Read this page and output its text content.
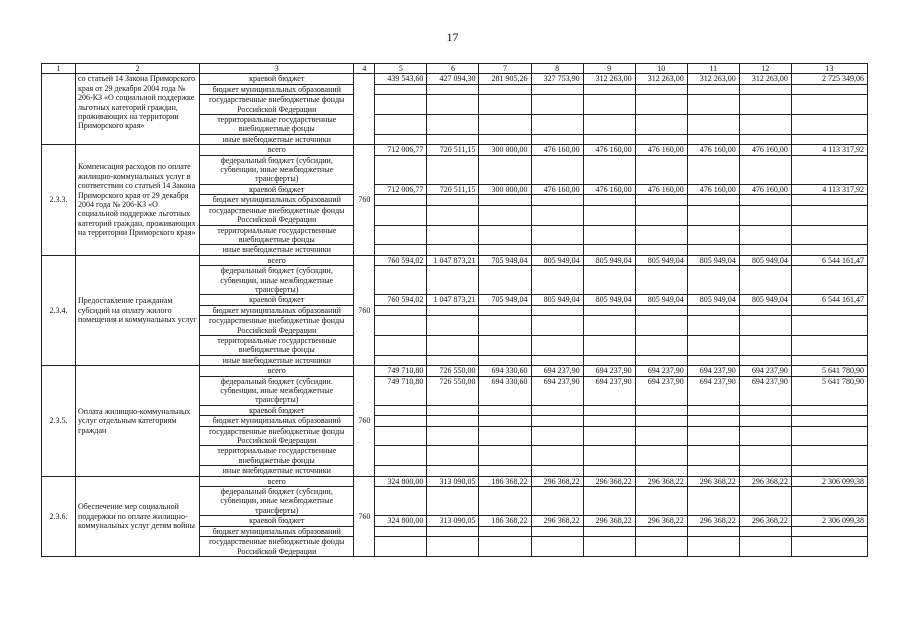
17
1	2	3	4	5	6	7	8	9	10	11	12	13
	со статьей 14 Закона Приморского края от 29 декабря 2004 года № 206-КЗ «О социальной поддержке льготных категорий граждан, проживающих на территории Приморского края»	краевой бюджет		439 543,60	427 094,30	281 905,26	327 753,90	312 263,00	312 263,00	312 263,00	312 263,00	2 725 349,06
		бюджет муниципальных образований										
		государственные внебюджетные фонды Российской Федерации										
		территориальные государственные внебюджетные фонды										
		иные внебюджетные источники										
2.3.3.	Компенсация расходов по оплате жилищно-коммунальных услуг в соответствии со статьей 14 Закона Приморского края от 29 декабря 2004 года № 206-КЗ «О социальной поддержке льготных категорий граждан, проживающих на территории Приморского края»	всего	760	712 006,77	720 511,15	300 000,00	476 160,00	476 160,00	476 160,00	476 160,00	476 160,00	4 113 317,92
		федеральный бюджет (субсидии, субвенции, иные межбюджетные трансферты)										
		краевой бюджет		712 006,77	720 511,15	300 000,00	476 160,00	476 160,00	476 160,00	476 160,00	476 160,00	4 113 317,92
		бюджет муниципальных образований										
		государственные внебюджетные фонды Российской Федерации										
		территориальные государственные внебюджетные фонды										
		иные внебюджетные источники										
2.3.4.	Предоставление гражданам субсидий на оплату жилого помещения и коммунальных услуг	всего	760	760 594,02	1 047 873,21	705 949,04	805 949,04	805 949,04	805 949,04	805 949,04	805 949,04	6 544 161,47
		федеральный бюджет (субсидии, субвенции, иные межбюджетные трансферты)										
		краевой бюджет		760 594,02	1 047 873,21	705 949,04	805 949,04	805 949,04	805 949,04	805 949,04	805 949,04	6 544 161,47
		бюджет муниципальных образований										
		государственные внебюджетные фонды Российской Федерации										
		территориальные государственные внебюджетные фонды										
		иные внебюджетные источники										
2.3.5.	Оплата жилищно-коммунальных услуг отдельным категориям граждан	всего	760	749 710,80	726 550,00	694 330,60	694 237,90	694 237,90	694 237,90	694 237,90	694 237,90	5 641 780,90
		федеральный бюджет (субсидии. субвенции, иные межбюджетные трансферты)		749 710,80	726 550,00	694 330,60	694 237,90	694 237,90	694 237,90	694 237,90	694 237,90	5 641 780,90
		краевой бюджет										
		бюджет муниципальных образований										
		государственные внебюджетные фонды Российской Федерации										
		территориальные государственные внебюджетные фонды										
		иные внебюджетные источники										
2.3.6.	Обеспечение мер социальной поддержки по оплате жилищно-коммунальных услуг детям войны	всего	760	324 800,00	313 090,05	186 368,22	296 368,22	296 368,22	296 368,22	296 368,22	296 368,22	2 306 099,38
		федеральный бюджет (субсидии, субвенции, иные межбюджетные трансферты)										
		краевой бюджет		324 800,00	313 090,05	186 368,22	296 368,22	296 368,22	296 368,22	296 368,22	296 368,22	2 306 099,38
		бюджет муниципальных образований										
		государственные внебюджетные фонды Российской Федерации										
